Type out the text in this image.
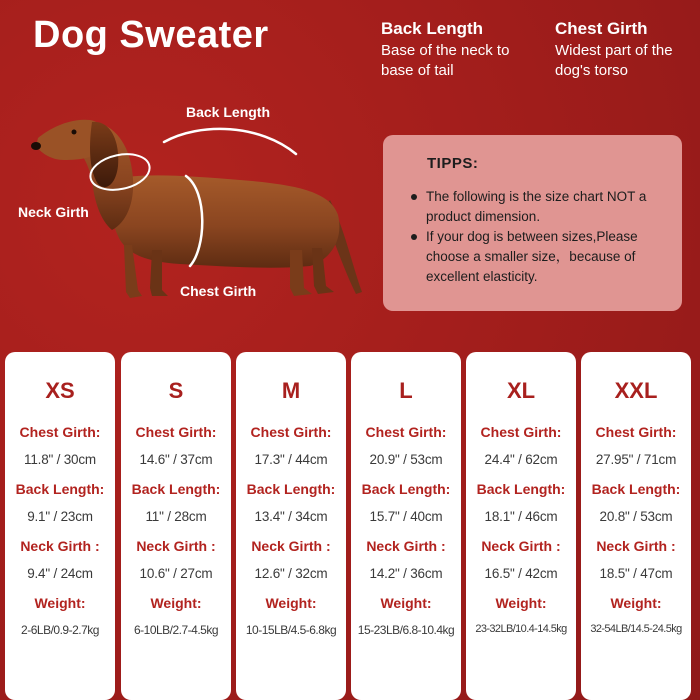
Dog Sweater	Back Length
Base of the neck to
base of tail
Chest Girth
Widest part of the
dog's torso
Back Length
Neck Girth
Chest Girth
TIPPS:
The following is the size chart NOT a product dimension.
If your dog is between sizes,Please choose a smaller size，because of excellent elasticity.
XS
Chest Girth:
11.8" / 30cm
Back Length:
9.1" / 23cm
Neck Girth :
9.4" / 24cm
Weight:
2-6LB/0.9-2.7kg
S
Chest Girth:
14.6" / 37cm
Back Length:
11" / 28cm
Neck Girth :
10.6" / 27cm
Weight:
6-10LB/2.7-4.5kg
M
Chest Girth:
17.3" / 44cm
Back Length:
13.4" / 34cm
Neck Girth :
12.6" / 32cm
Weight:
10-15LB/4.5-6.8kg
L
Chest Girth:
20.9" / 53cm
Back Length:
15.7" / 40cm
Neck Girth :
14.2" / 36cm
Weight:
15-23LB/6.8-10.4kg
XL
Chest Girth:
24.4" / 62cm
Back Length:
18.1" / 46cm
Neck Girth :
16.5" / 42cm
Weight:
23-32LB/10.4-14.5kg
XXL
Chest Girth:
27.95" / 71cm
Back Length:
20.8" / 53cm
Neck Girth :
18.5" / 47cm
Weight:
32-54LB/14.5-24.5kg
